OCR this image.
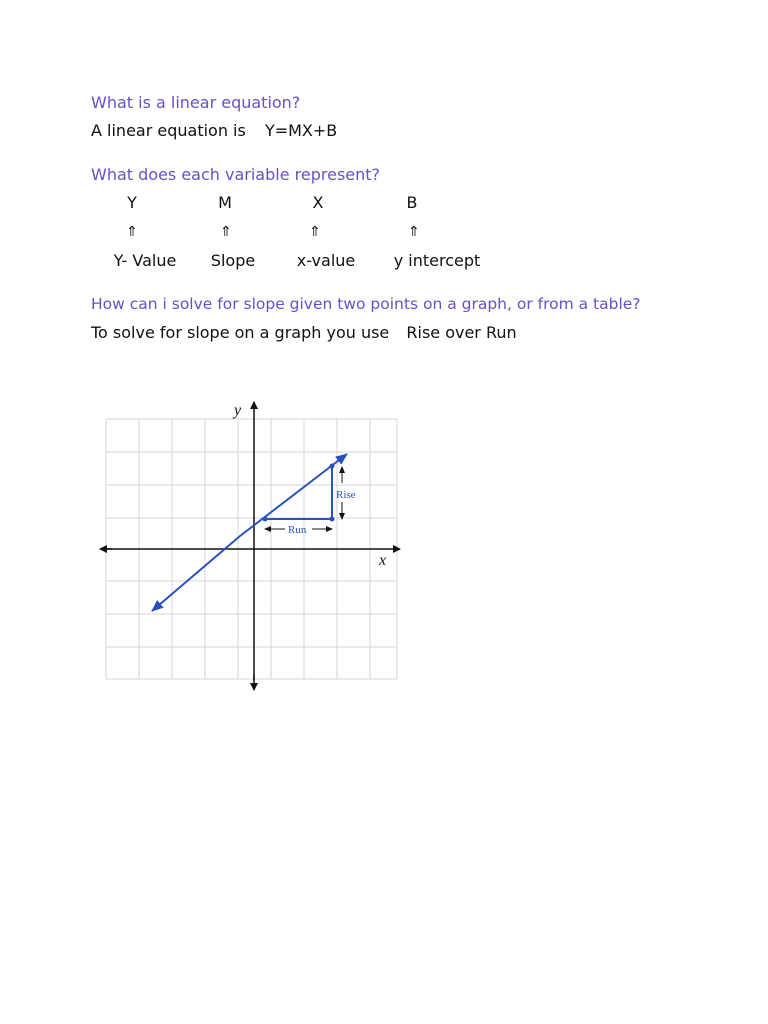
What is a linear equation?
A linear equation is Y=MX+B
What does each variable represent?
Y	M	X	B
⇑	⇑	⇑	⇑
Y- Value	Slope	x-value	y intercept
How can i solve for slope given two points on a graph, or from a table?
To solve for slope on a graph you use Rise over Run
y
x
Rise
Run
